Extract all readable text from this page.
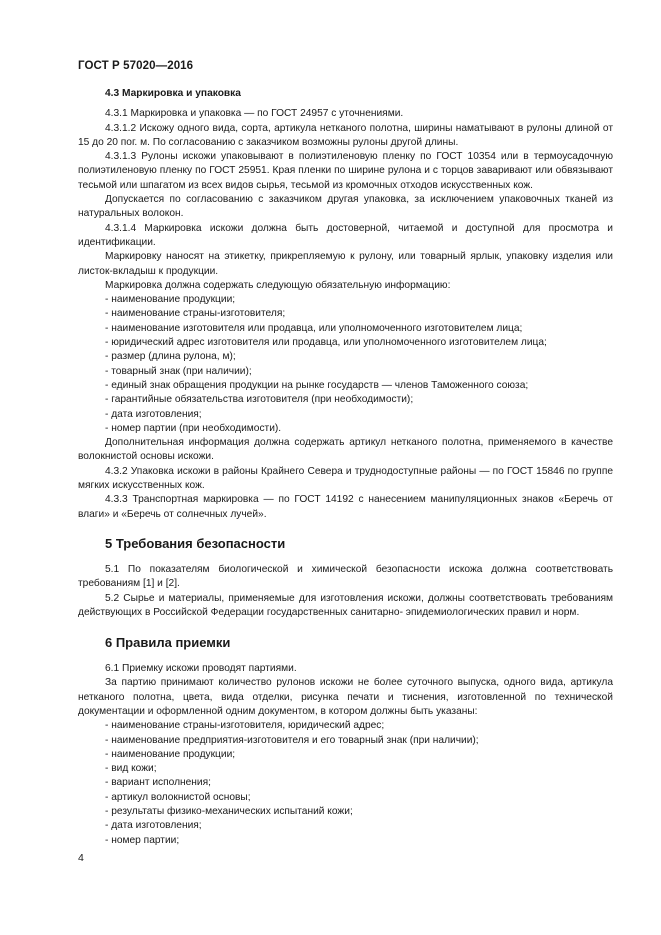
ГОСТ Р 57020—2016

4.3 Маркировка и упаковка

4.3.1 Маркировка и упаковка — по ГОСТ 24957 с уточнениями.

4.3.1.2 Искожу одного вида, сорта, артикула нетканого полотна, ширины наматывают в рулоны длиной от 15 до 20 пог. м. По согласованию с заказчиком возможны рулоны другой длины.

4.3.1.3 Рулоны искожи упаковывают в полиэтиленовую пленку по ГОСТ 10354 или в термоусадочную полиэтиленовую пленку по ГОСТ 25951. Края пленки по ширине рулона и с торцов заваривают или обвязывают тесьмой или шпагатом из всех видов сырья, тесьмой из кромочных отходов искусственных кож.

Допускается по согласованию с заказчиком другая упаковка, за исключением упаковочных тканей из натуральных волокон.

4.3.1.4 Маркировка искожи должна быть достоверной, читаемой и доступной для просмотра и идентификации.

Маркировку наносят на этикетку, прикрепляемую к рулону, или товарный ярлык, упаковку изделия или листок-вкладыш к продукции.

Маркировка должна содержать следующую обязательную информацию:

- наименование продукции;

- наименование страны-изготовителя;

- наименование изготовителя или продавца, или уполномоченного изготовителем лица;

- юридический адрес изготовителя или продавца, или уполномоченного изготовителем лица;

- размер (длина рулона, м);

- товарный знак (при наличии);

- единый знак обращения продукции на рынке государств — членов Таможенного союза;

- гарантийные обязательства изготовителя (при необходимости);

- дата изготовления;

- номер партии (при необходимости).

Дополнительная информация должна содержать артикул нетканого полотна, применяемого в качестве волокнистой основы искожи.

4.3.2 Упаковка искожи в районы Крайнего Севера и труднодоступные районы — по ГОСТ 15846 по группе мягких искусственных кож.

4.3.3 Транспортная маркировка — по ГОСТ 14192 с нанесением манипуляционных знаков «Беречь от влаги» и «Беречь от солнечных лучей».

5 Требования безопасности

5.1 По показателям биологической и химической безопасности искожа должна соответствовать требованиям [1] и [2].

5.2 Сырье и материалы, применяемые для изготовления искожи, должны соответствовать требованиям действующих в Российской Федерации государственных санитарно- эпидемиологических правил и норм.

6 Правила приемки

6.1 Приемку искожи проводят партиями.

За партию принимают количество рулонов искожи не более суточного выпуска, одного вида, артикула нетканого полотна, цвета, вида отделки, рисунка печати и тиснения, изготовленной по технической документации и оформленной одним документом, в котором должны быть указаны:

- наименование страны-изготовителя, юридический адрес;

- наименование предприятия-изготовителя и его товарный знак (при наличии);

- наименование продукции;

- вид кожи;

- вариант исполнения;

- артикул волокнистой основы;

- результаты физико-механических испытаний кожи;

- дата изготовления;

- номер партии;

4
